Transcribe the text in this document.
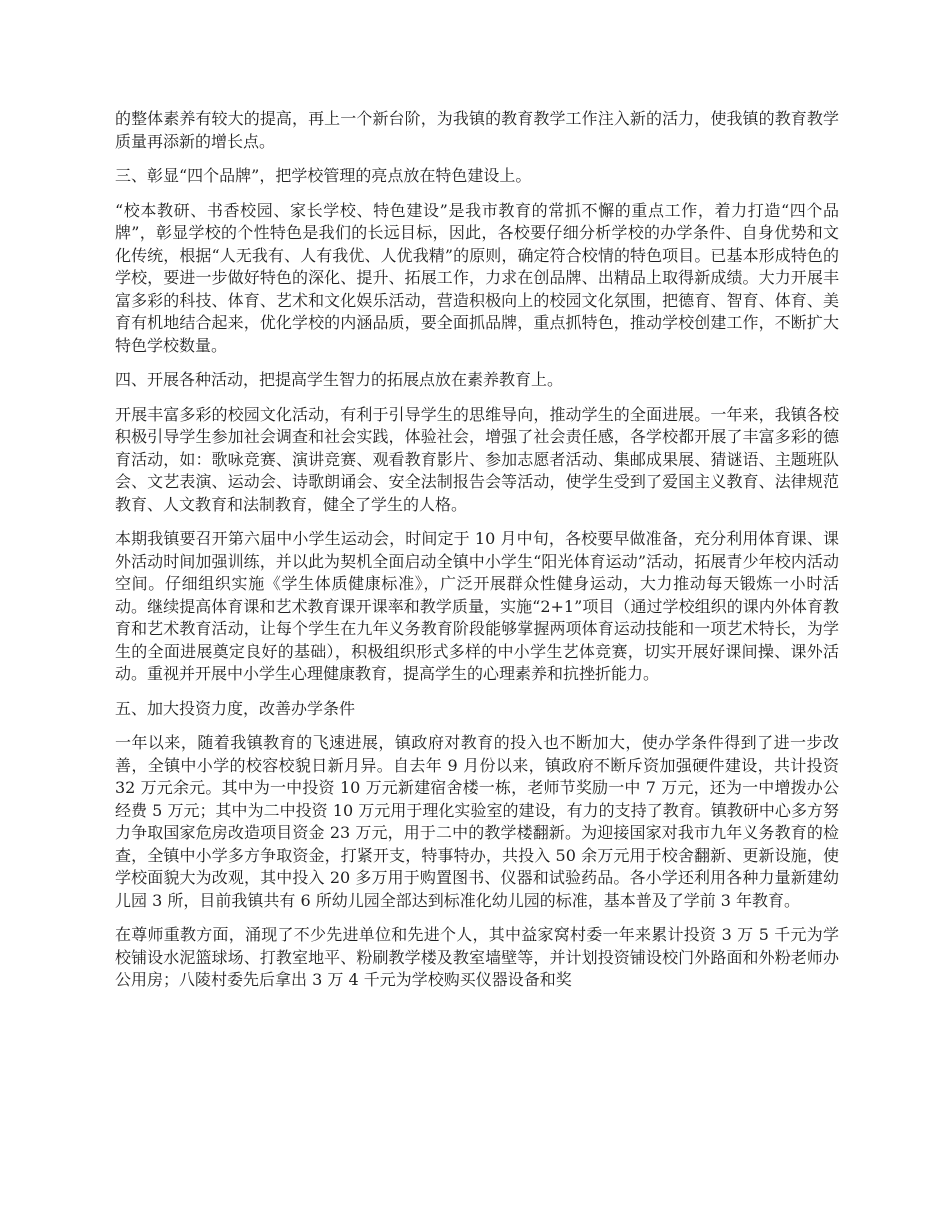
的整体素养有较大的提高，再上一个新台阶，为我镇的教育教学工作注入新的活力，使我镇的教育教学质量再添新的增长点。

三、彰显“四个品牌”，把学校管理的亮点放在特色建设上。

“校本教研、书香校园、家长学校、特色建设”是我市教育的常抓不懈的重点工作，着力打造“四个品牌”，彰显学校的个性特色是我们的长远目标，因此，各校要仔细分析学校的办学条件、自身优势和文化传统，根据“人无我有、人有我优、人优我精”的原则，确定符合校情的特色项目。已基本形成特色的学校，要进一步做好特色的深化、提升、拓展工作，力求在创品牌、出精品上取得新成绩。大力开展丰富多彩的科技、体育、艺术和文化娱乐活动，营造积极向上的校园文化氛围，把德育、智育、体育、美育有机地结合起来，优化学校的内涵品质，要全面抓品牌，重点抓特色，推动学校创建工作，不断扩大特色学校数量。

四、开展各种活动，把提高学生智力的拓展点放在素养教育上。

开展丰富多彩的校园文化活动，有利于引导学生的思维导向，推动学生的全面进展。一年来，我镇各校积极引导学生参加社会调查和社会实践，体验社会，增强了社会责任感，各学校都开展了丰富多彩的德育活动，如：歌咏竞赛、演讲竞赛、观看教育影片、参加志愿者活动、集邮成果展、猜谜语、主题班队会、文艺表演、运动会、诗歌朗诵会、安全法制报告会等活动，使学生受到了爱国主义教育、法律规范教育、人文教育和法制教育，健全了学生的人格。

本期我镇要召开第六届中小学生运动会，时间定于 10 月中旬，各校要早做准备，充分利用体育课、课外活动时间加强训练，并以此为契机全面启动全镇中小学生“阳光体育运动”活动，拓展青少年校内活动空间。仔细组织实施《学生体质健康标准》，广泛开展群众性健身运动，大力推动每天锻炼一小时活动。继续提高体育课和艺术教育课开课率和教学质量，实施“2+1”项目（通过学校组织的课内外体育教育和艺术教育活动，让每个学生在九年义务教育阶段能够掌握两项体育运动技能和一项艺术特长，为学生的全面进展奠定良好的基础），积极组织形式多样的中小学生艺体竞赛，切实开展好课间操、课外活动。重视并开展中小学生心理健康教育，提高学生的心理素养和抗挫折能力。

五、加大投资力度，改善办学条件

一年以来，随着我镇教育的飞速进展，镇政府对教育的投入也不断加大，使办学条件得到了进一步改善，全镇中小学的校容校貌日新月异。自去年 9 月份以来，镇政府不断斥资加强硬件建设，共计投资 32 万元余元。其中为一中投资 10 万元新建宿舍楼一栋，老师节奖励一中 7 万元，还为一中增拨办公经费 5 万元；其中为二中投资 10 万元用于理化实验室的建设，有力的支持了教育。镇教研中心多方努力争取国家危房改造项目资金 23 万元，用于二中的教学楼翻新。为迎接国家对我市九年义务教育的检查，全镇中小学多方争取资金，打紧开支，特事特办，共投入 50 余万元用于校舍翻新、更新设施，使学校面貌大为改观，其中投入 20 多万用于购置图书、仪器和试验药品。各小学还利用各种力量新建幼儿园 3 所，目前我镇共有 6 所幼儿园全部达到标准化幼儿园的标准，基本普及了学前 3 年教育。

在尊师重教方面，涌现了不少先进单位和先进个人，其中益家窝村委一年来累计投资 3 万 5 千元为学校铺设水泥篮球场、打教室地平、粉刷教学楼及教室墙壁等，并计划投资铺设校门外路面和外粉老师办公用房；八陵村委先后拿出 3 万 4 千元为学校购买仪器设备和奖
